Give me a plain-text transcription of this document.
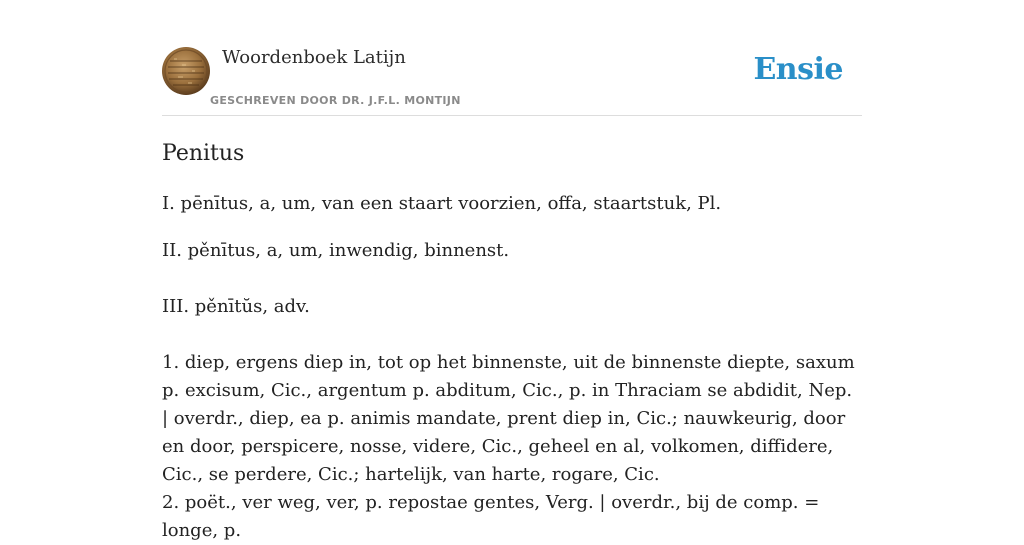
Woordenboek Latijn
GESCHREVEN DOOR DR. J.F.L. MONTIJN
Ensie
Penitus

I. pēnītus, a, um, van een staart voorzien, offa, staartstuk, Pl.

II. pěnītus, a, um, inwendig, binnenst.

III. pěnītŭs, adv.

1. diep, ergens diep in, tot op het binnenste, uit de binnenste diepte, saxum p. excisum, Cic., argentum p. abditum, Cic., p. in Thraciam se abdidit, Nep. | overdr., diep, ea p. animis mandate, prent diep in, Cic.; nauwkeurig, door en door, perspicere, nosse, videre, Cic., geheel en al, volkomen, diffidere, Cic., se perdere, Cic.; hartelijk, van harte, rogare, Cic.

2. poët., ver weg, ver, p. repostae gentes, Verg. | overdr., bij de comp. = longe, p.
